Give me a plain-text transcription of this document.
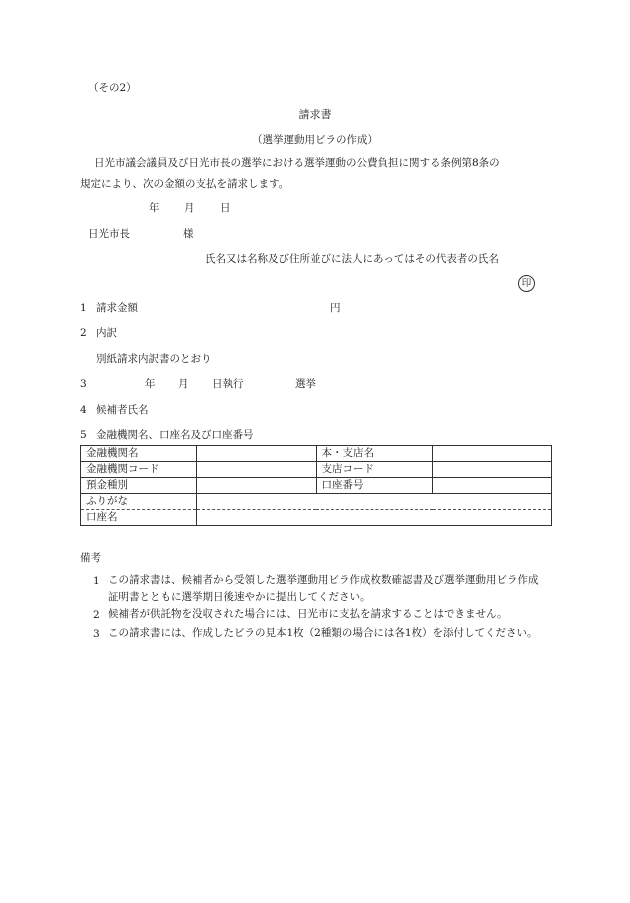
（その2）
請求書
（選挙運動用ビラの作成）
日光市議会議員及び日光市長の選挙における選挙運動の公費負担に関する条例第8条の
規定により、次の金額の支払を請求します。
年 月 日
日光市長	様
氏名又は名称及び住所並びに法人にあってはその代表者の氏名
印
1 請求金額	円
2 内訳
別紙請求内訳書のとおり
3	年 月 日執行	選挙
4 候補者氏名
5 金融機関名、口座名及び口座番号
金融機関名		本・支店名	
金融機関コード		支店コード	
預金種別		口座番号	
ふりがな			
口座名			
備考
1 この請求書は、候補者から受領した選挙運動用ビラ作成枚数確認書及び選挙運動用ビラ作成証明書とともに選挙期日後速やかに提出してください。
2 候補者が供託物を没収された場合には、日光市に支払を請求することはできません。
3 この請求書には、作成したビラの見本1枚（2種類の場合には各1枚）を添付してください。
